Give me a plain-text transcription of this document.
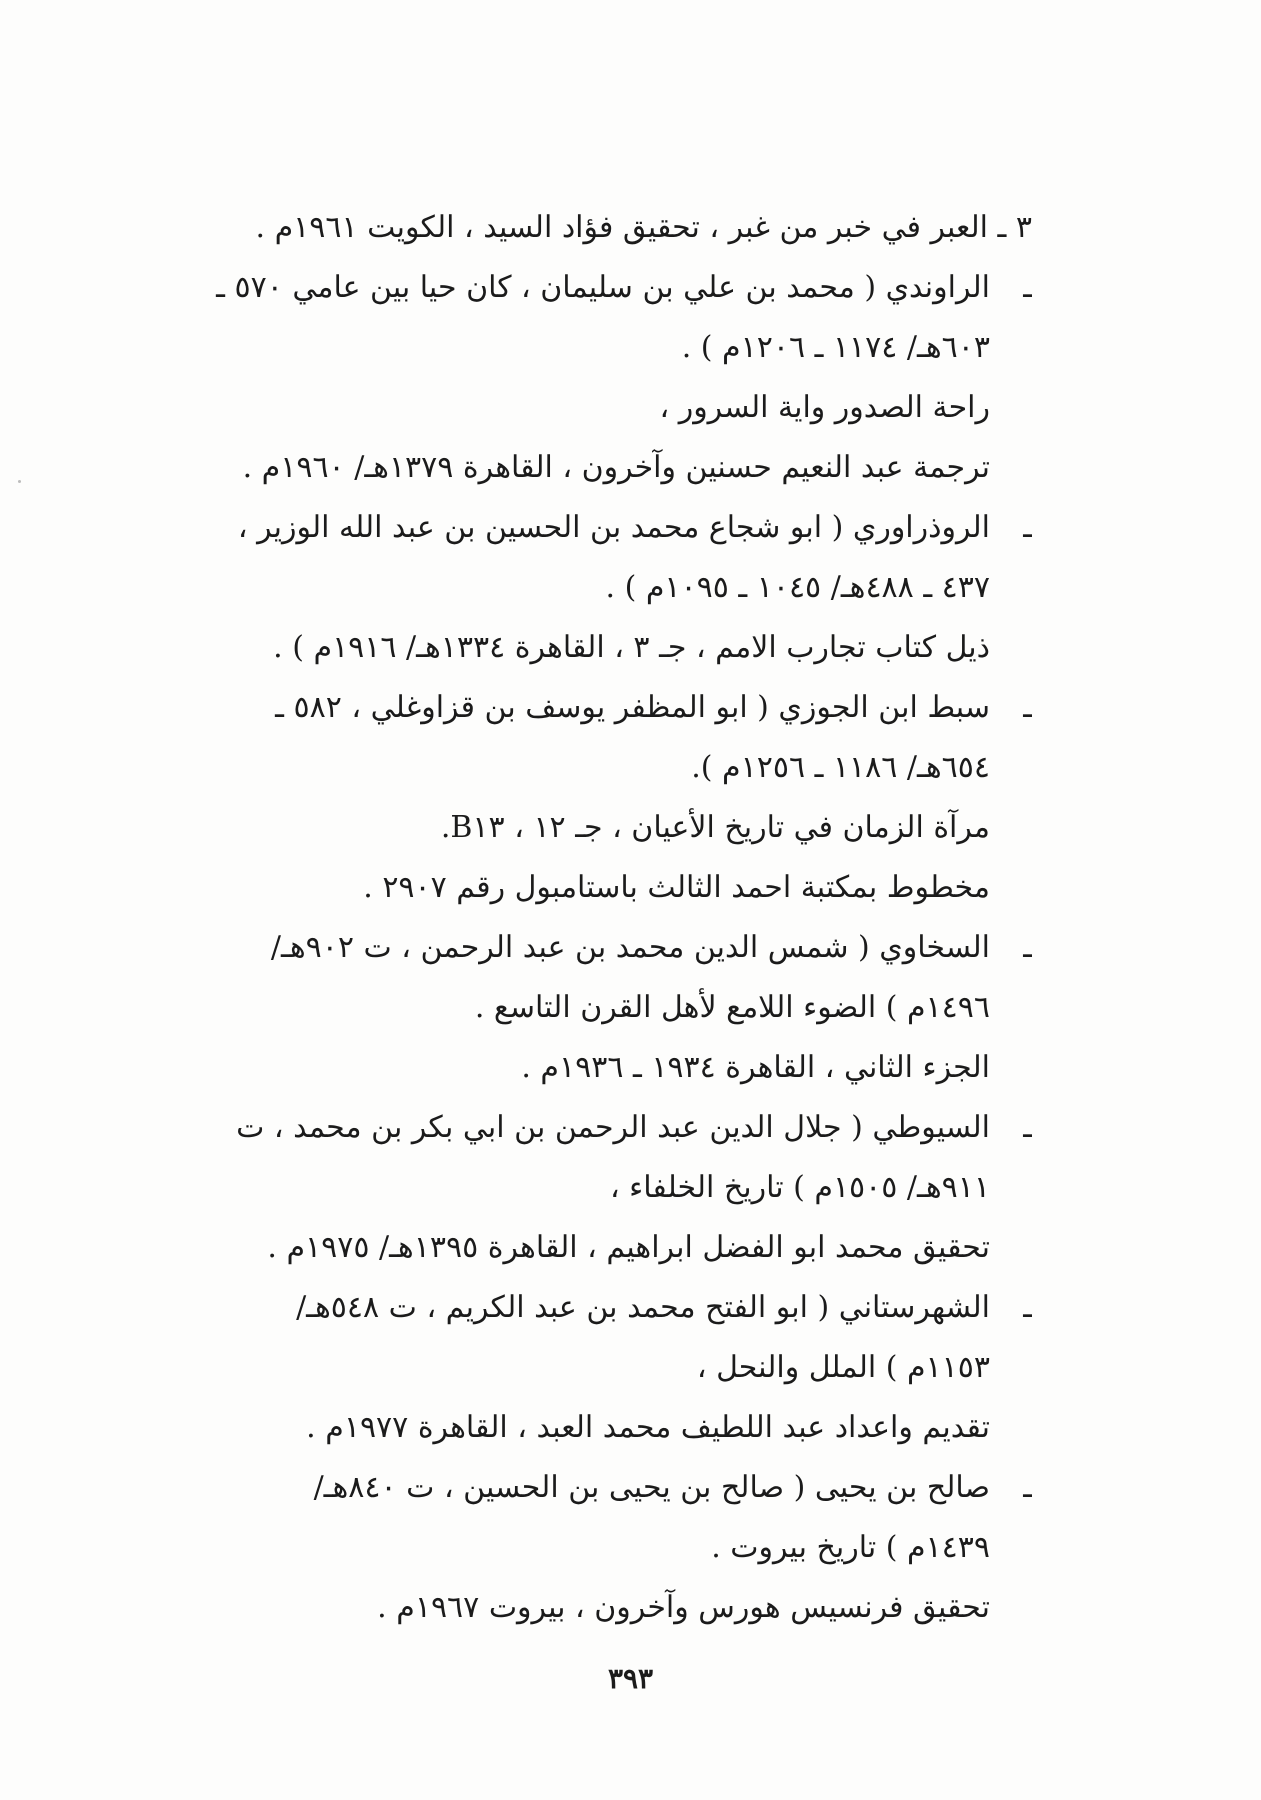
٣ ـ العبر في خبر من غبر ، تحقيق فؤاد السيد ، الكويت ١٩٦١م .
ـ
الراوندي ( محمد بن علي بن سليمان ، كان حيا بين عامي ٥٧٠ ـ
٦٠٣هـ/ ١١٧٤ ـ ١٢٠٦م ) .
راحة الصدور واية السرور ،
ترجمة عبد النعيم حسنين وآخرون ، القاهرة ١٣٧٩هـ/ ١٩٦٠م .
ـ
الروذراوري ( ابو شجاع محمد بن الحسين بن عبد الله الوزير ،
٤٣٧ ـ ٤٨٨هـ/ ١٠٤٥ ـ ١٠٩٥م ) .
ذيل كتاب تجارب الامم ، جـ ٣ ، القاهرة ١٣٣٤هـ/ ١٩١٦م ) .
ـ
سبط ابن الجوزي ( ابو المظفر يوسف بن قزاوغلي ، ٥٨٢ ـ
٦٥٤هـ/ ١١٨٦ ـ ١٢٥٦م ).
مرآة الزمان في تاريخ الأعيان ، جـ ١٢ ، B١٣.
مخطوط بمكتبة احمد الثالث باستامبول رقم ٢٩٠٧ .
ـ
السخاوي ( شمس الدين محمد بن عبد الرحمن ، ت ٩٠٢هـ/
١٤٩٦م ) الضوء اللامع لأهل القرن التاسع .
الجزء الثاني ، القاهرة ١٩٣٤ ـ ١٩٣٦م .
ـ
السيوطي ( جلال الدين عبد الرحمن بن ابي بكر بن محمد ، ت
٩١١هـ/ ١٥٠٥م ) تاريخ الخلفاء ،
تحقيق محمد ابو الفضل ابراهيم ، القاهرة ١٣٩٥هـ/ ١٩٧٥م .
ـ
الشهرستاني ( ابو الفتح محمد بن عبد الكريم ، ت ٥٤٨هـ/
١١٥٣م ) الملل والنحل ،
تقديم واعداد عبد اللطيف محمد العبد ، القاهرة ١٩٧٧م .
ـ
صالح بن يحيى ( صالح بن يحيى بن الحسين ، ت ٨٤٠هـ/
١٤٣٩م ) تاريخ بيروت .
تحقيق فرنسيس هورس وآخرون ، بيروت ١٩٦٧م .
٣٩٣
